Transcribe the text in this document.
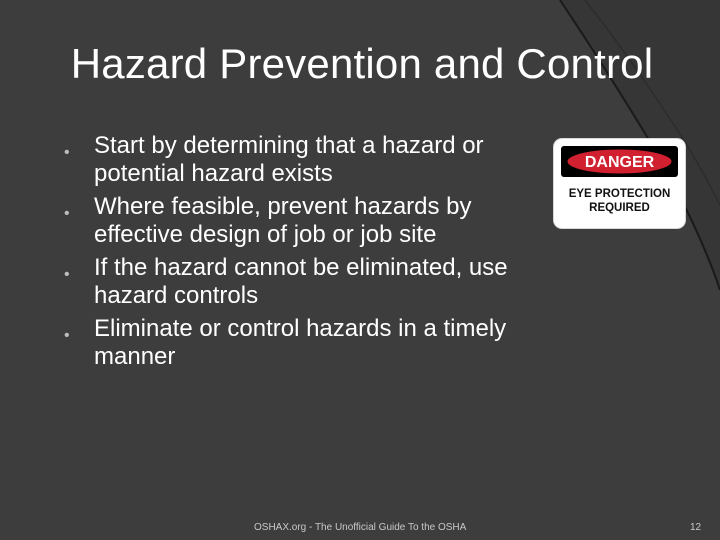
Hazard Prevention and Control
• Start by determining that a hazard or potential hazard exists
• Where feasible, prevent hazards by effective design of job or job site
• If the hazard cannot be eliminated, use hazard controls
• Eliminate or control hazards in a timely manner
DANGER
EYE PROTECTION
REQUIRED
OSHAX.org - The Unofficial Guide To the OSHA	12
